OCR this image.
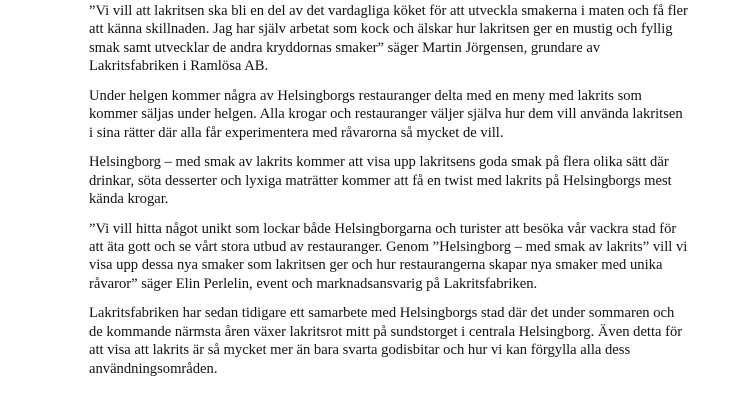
”Vi vill att lakritsen ska bli en del av det vardagliga köket för att utveckla smakerna i maten och få fler att känna skillnaden. Jag har själv arbetat som kock och älskar hur lakritsen ger en mustig och fyllig smak samt utvecklar de andra kryddornas smaker” säger Martin Jörgensen, grundare av Lakritsfabriken i Ramlösa AB.

Under helgen kommer några av Helsingborgs restauranger delta med en meny med lakrits som kommer säljas under helgen. Alla krogar och restauranger väljer själva hur dem vill använda lakritsen i sina rätter där alla får experimentera med råvarorna så mycket de vill.

Helsingborg – med smak av lakrits kommer att visa upp lakritsens goda smak på flera olika sätt där drinkar, söta desserter och lyxiga maträtter kommer att få en twist med lakrits på Helsingborgs mest kända krogar.

”Vi vill hitta något unikt som lockar både Helsingborgarna och turister att besöka vår vackra stad för att äta gott och se vårt stora utbud av restauranger. Genom ”Helsingborg – med smak av lakrits” vill vi visa upp dessa nya smaker som lakritsen ger och hur restaurangerna skapar nya smaker med unika råvaror” säger Elin Perlelin, event och marknadsansvarig på Lakritsfabriken.

Lakritsfabriken har sedan tidigare ett samarbete med Helsingborgs stad där det under sommaren och de kommande närmsta åren växer lakritsrot mitt på sundstorget i centrala Helsingborg. Även detta för att visa att lakrits är så mycket mer än bara svarta godisbitar och hur vi kan förgylla alla dess användningsområden.
